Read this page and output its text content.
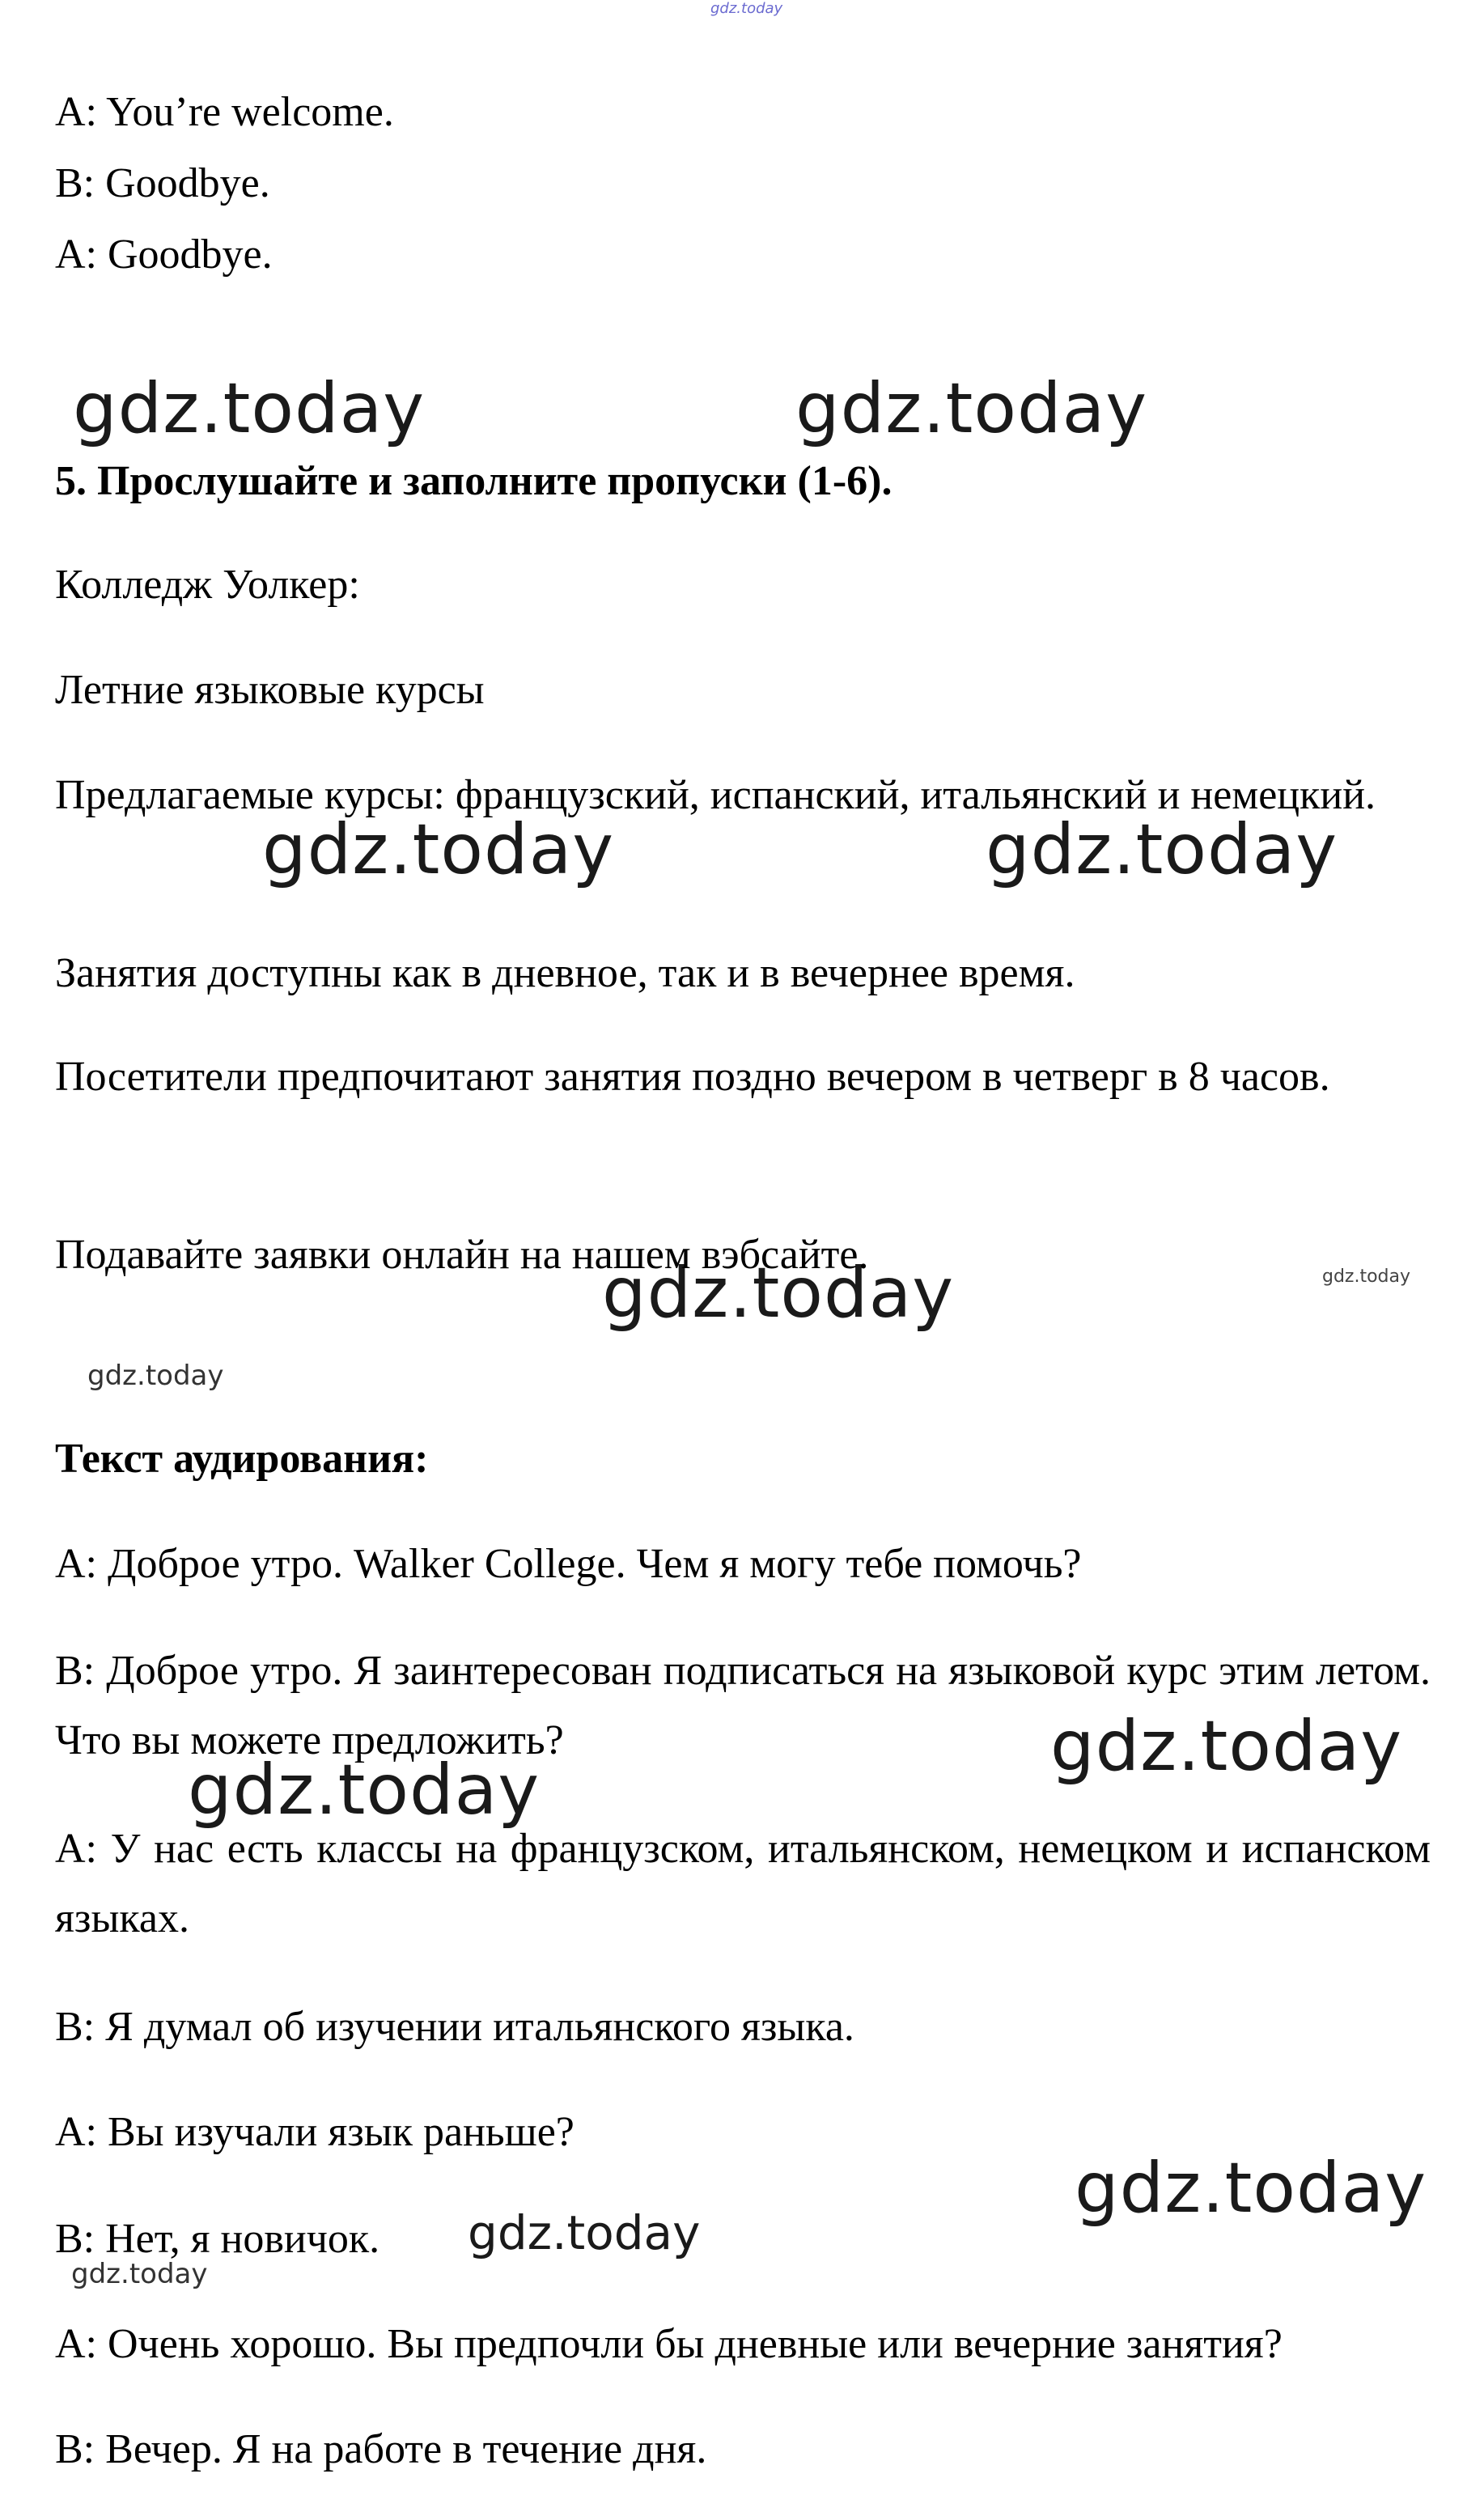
gdz.today
gdz.today	gdz.today
gdz.today	gdz.today
gdz.today	gdz.today
gdz.today
gdz.today
gdz.today
gdz.today
gdz.today
gdz.today

A: You’re welcome.

B: Goodbye.

A: Goodbye.

5. Прослушайте и заполните пропуски (1-6).

Колледж Уолкер:

Летние языковые курсы

Предлагаемые курсы: французский, испанский, итальянский и немецкий.

Занятия доступны как в дневное, так и в вечернее время.

Посетители предпочитают занятия поздно вечером в четверг в 8 часов.

Подавайте заявки онлайн на нашем вэбсайте.

Текст аудирования:

A: Доброе утро. Walker College. Чем я могу тебе помочь?

B: Доброе утро. Я заинтересован подписаться на языковой курс этим летом. Что вы можете предложить?

A: У нас есть классы на французском, итальянском, немецком и испанском языках.

B: Я думал об изучении итальянского языка.

A: Вы изучали язык раньше?

B: Нет, я новичок.

A: Очень хорошо. Вы предпочли бы дневные или вечерние занятия?

B: Вечер. Я на работе в течение дня.
